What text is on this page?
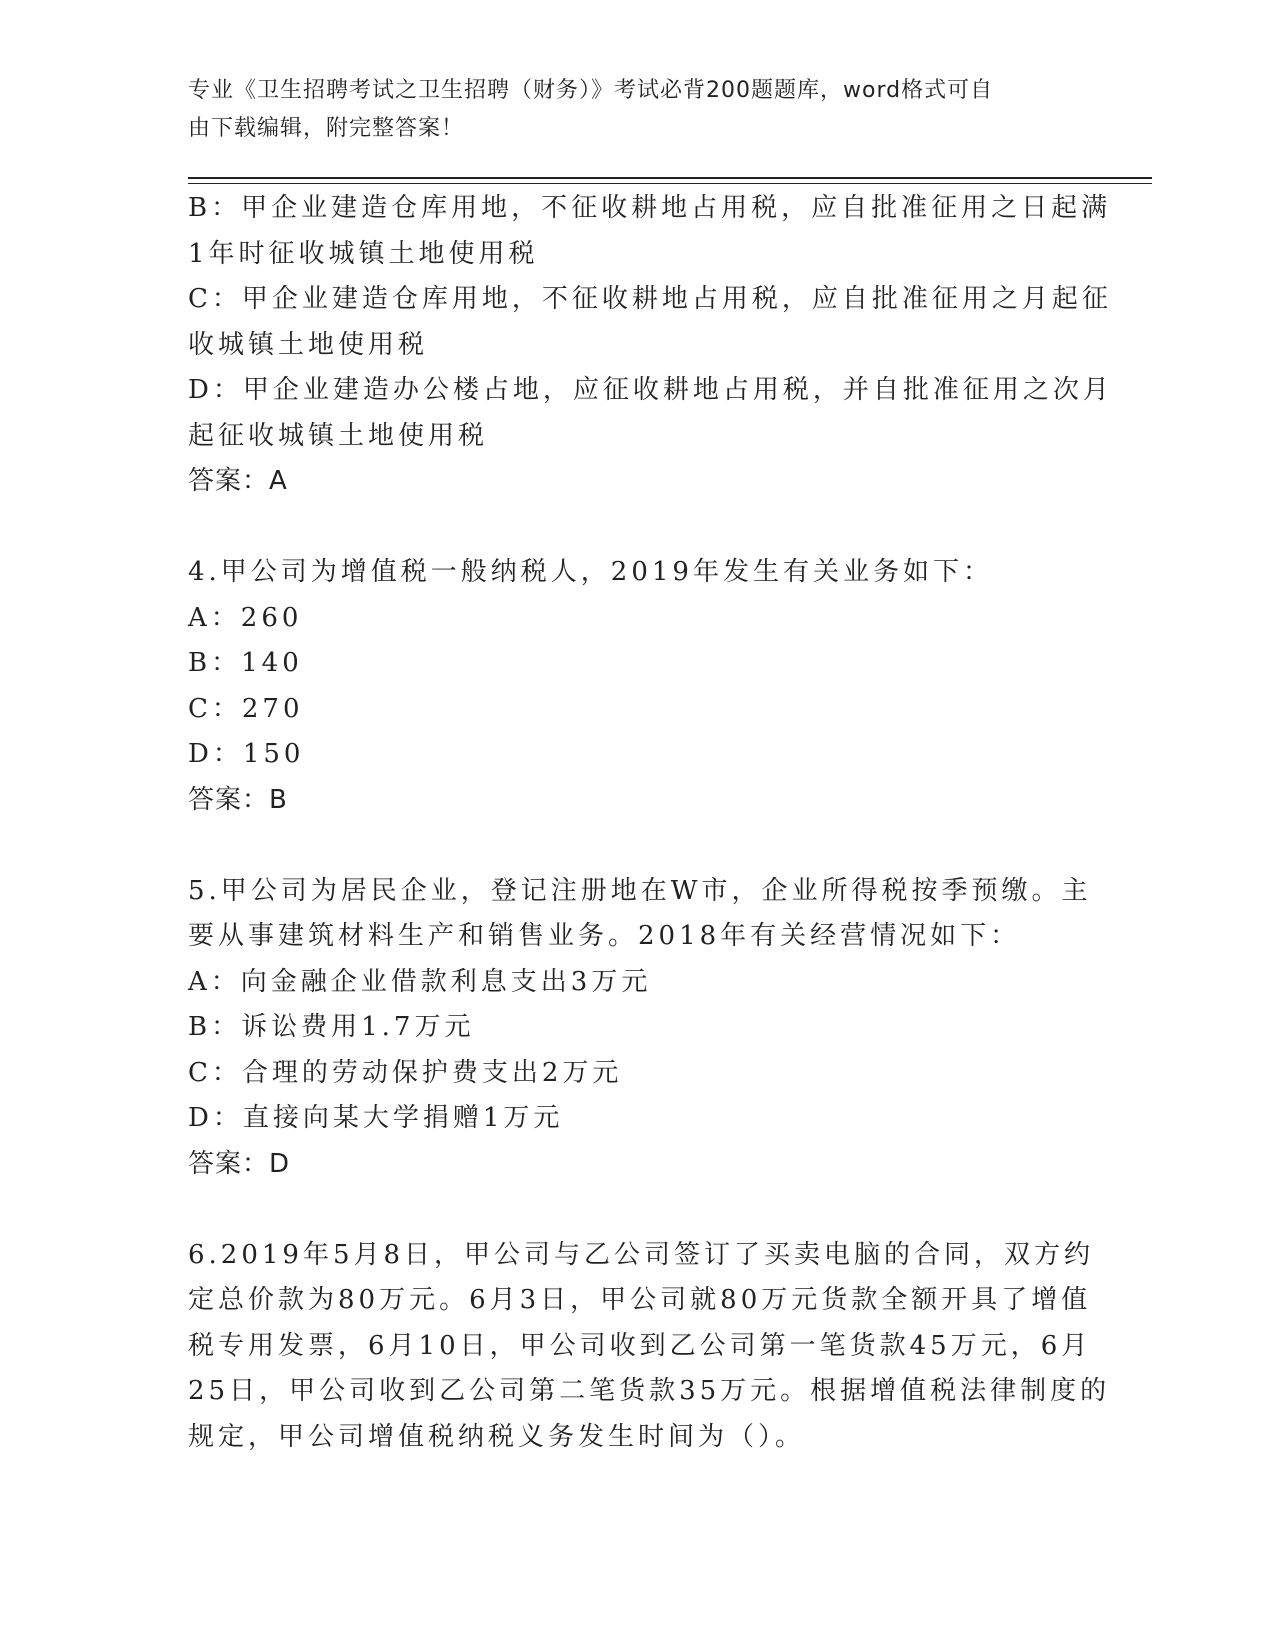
专业《卫生招聘考试之卫生招聘（财务）》考试必背200题题库，word格式可自
由下载编辑，附完整答案！
B：甲企业建造仓库用地，不征收耕地占用税，应自批准征用之日起满
1年时征收城镇土地使用税
C：甲企业建造仓库用地，不征收耕地占用税，应自批准征用之月起征
收城镇土地使用税
D：甲企业建造办公楼占地，应征收耕地占用税，并自批准征用之次月
起征收城镇土地使用税
答案：A
4.甲公司为增值税一般纳税人，2019年发生有关业务如下：
A：260
B：140
C：270
D：150
答案：B
5.甲公司为居民企业，登记注册地在W市，企业所得税按季预缴。主
要从事建筑材料生产和销售业务。2018年有关经营情况如下：
A：向金融企业借款利息支出3万元
B：诉讼费用1.7万元
C：合理的劳动保护费支出2万元
D：直接向某大学捐赠1万元
答案：D
6.2019年5月8日，甲公司与乙公司签订了买卖电脑的合同，双方约
定总价款为80万元。6月3日，甲公司就80万元货款全额开具了增值
税专用发票，6月10日，甲公司收到乙公司第一笔货款45万元，6月
25日，甲公司收到乙公司第二笔货款35万元。根据增值税法律制度的
规定，甲公司增值税纳税义务发生时间为（）。
